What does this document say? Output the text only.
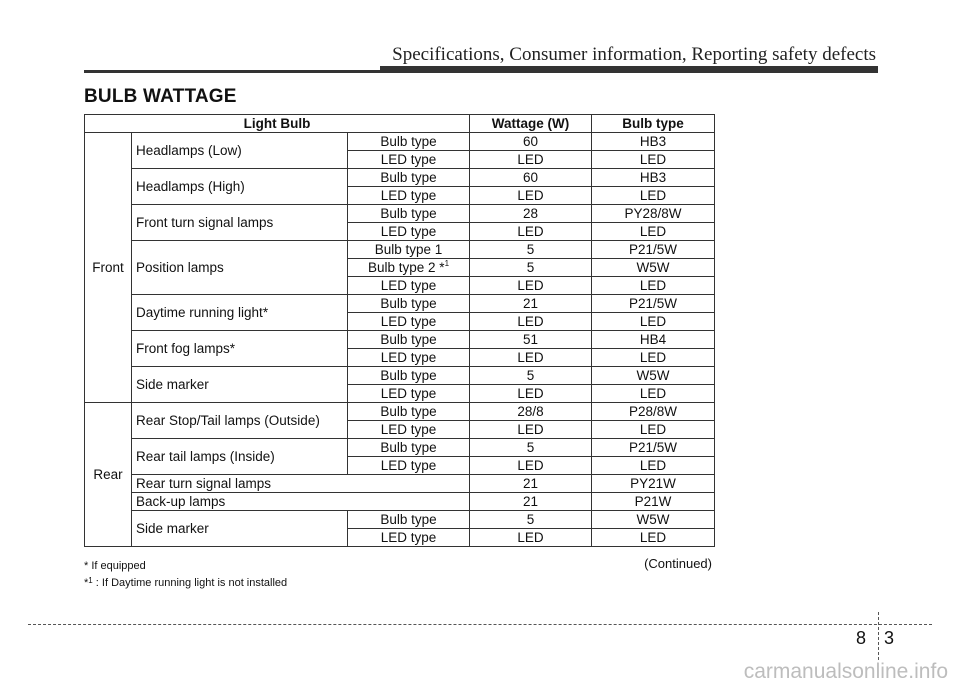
Specifications, Consumer information, Reporting safety defects
BULB WATTAGE
Light Bulb			Wattage (W)	Bulb type
Front	Headlamps (Low)	Bulb type	60	HB3
		LED type	LED	LED
	Headlamps (High)	Bulb type	60	HB3
		LED type	LED	LED
	Front turn signal lamps	Bulb type	28	PY28/8W
		LED type	LED	LED
	Position lamps	Bulb type 1	5	P21/5W
		Bulb type 2 *$^1$	5	W5W
		LED type	LED	LED
	Daytime running light*	Bulb type	21	P21/5W
		LED type	LED	LED
	Front fog lamps*	Bulb type	51	HB4
		LED type	LED	LED
	Side marker	Bulb type	5	W5W
		LED type	LED	LED
Rear	Rear Stop/Tail lamps (Outside)	Bulb type	28/8	P28/8W
		LED type	LED	LED
	Rear tail lamps (Inside)	Bulb type	5	P21/5W
		LED type	LED	LED
	Rear turn signal lamps		21	PY21W
	Back-up lamps		21	P21W
	Side marker	Bulb type	5	W5W
		LED type	LED	LED
* If equipped
*$^1$ : If Daytime running light is not installed
(Continued)
8 3
carmanualsonline.info
